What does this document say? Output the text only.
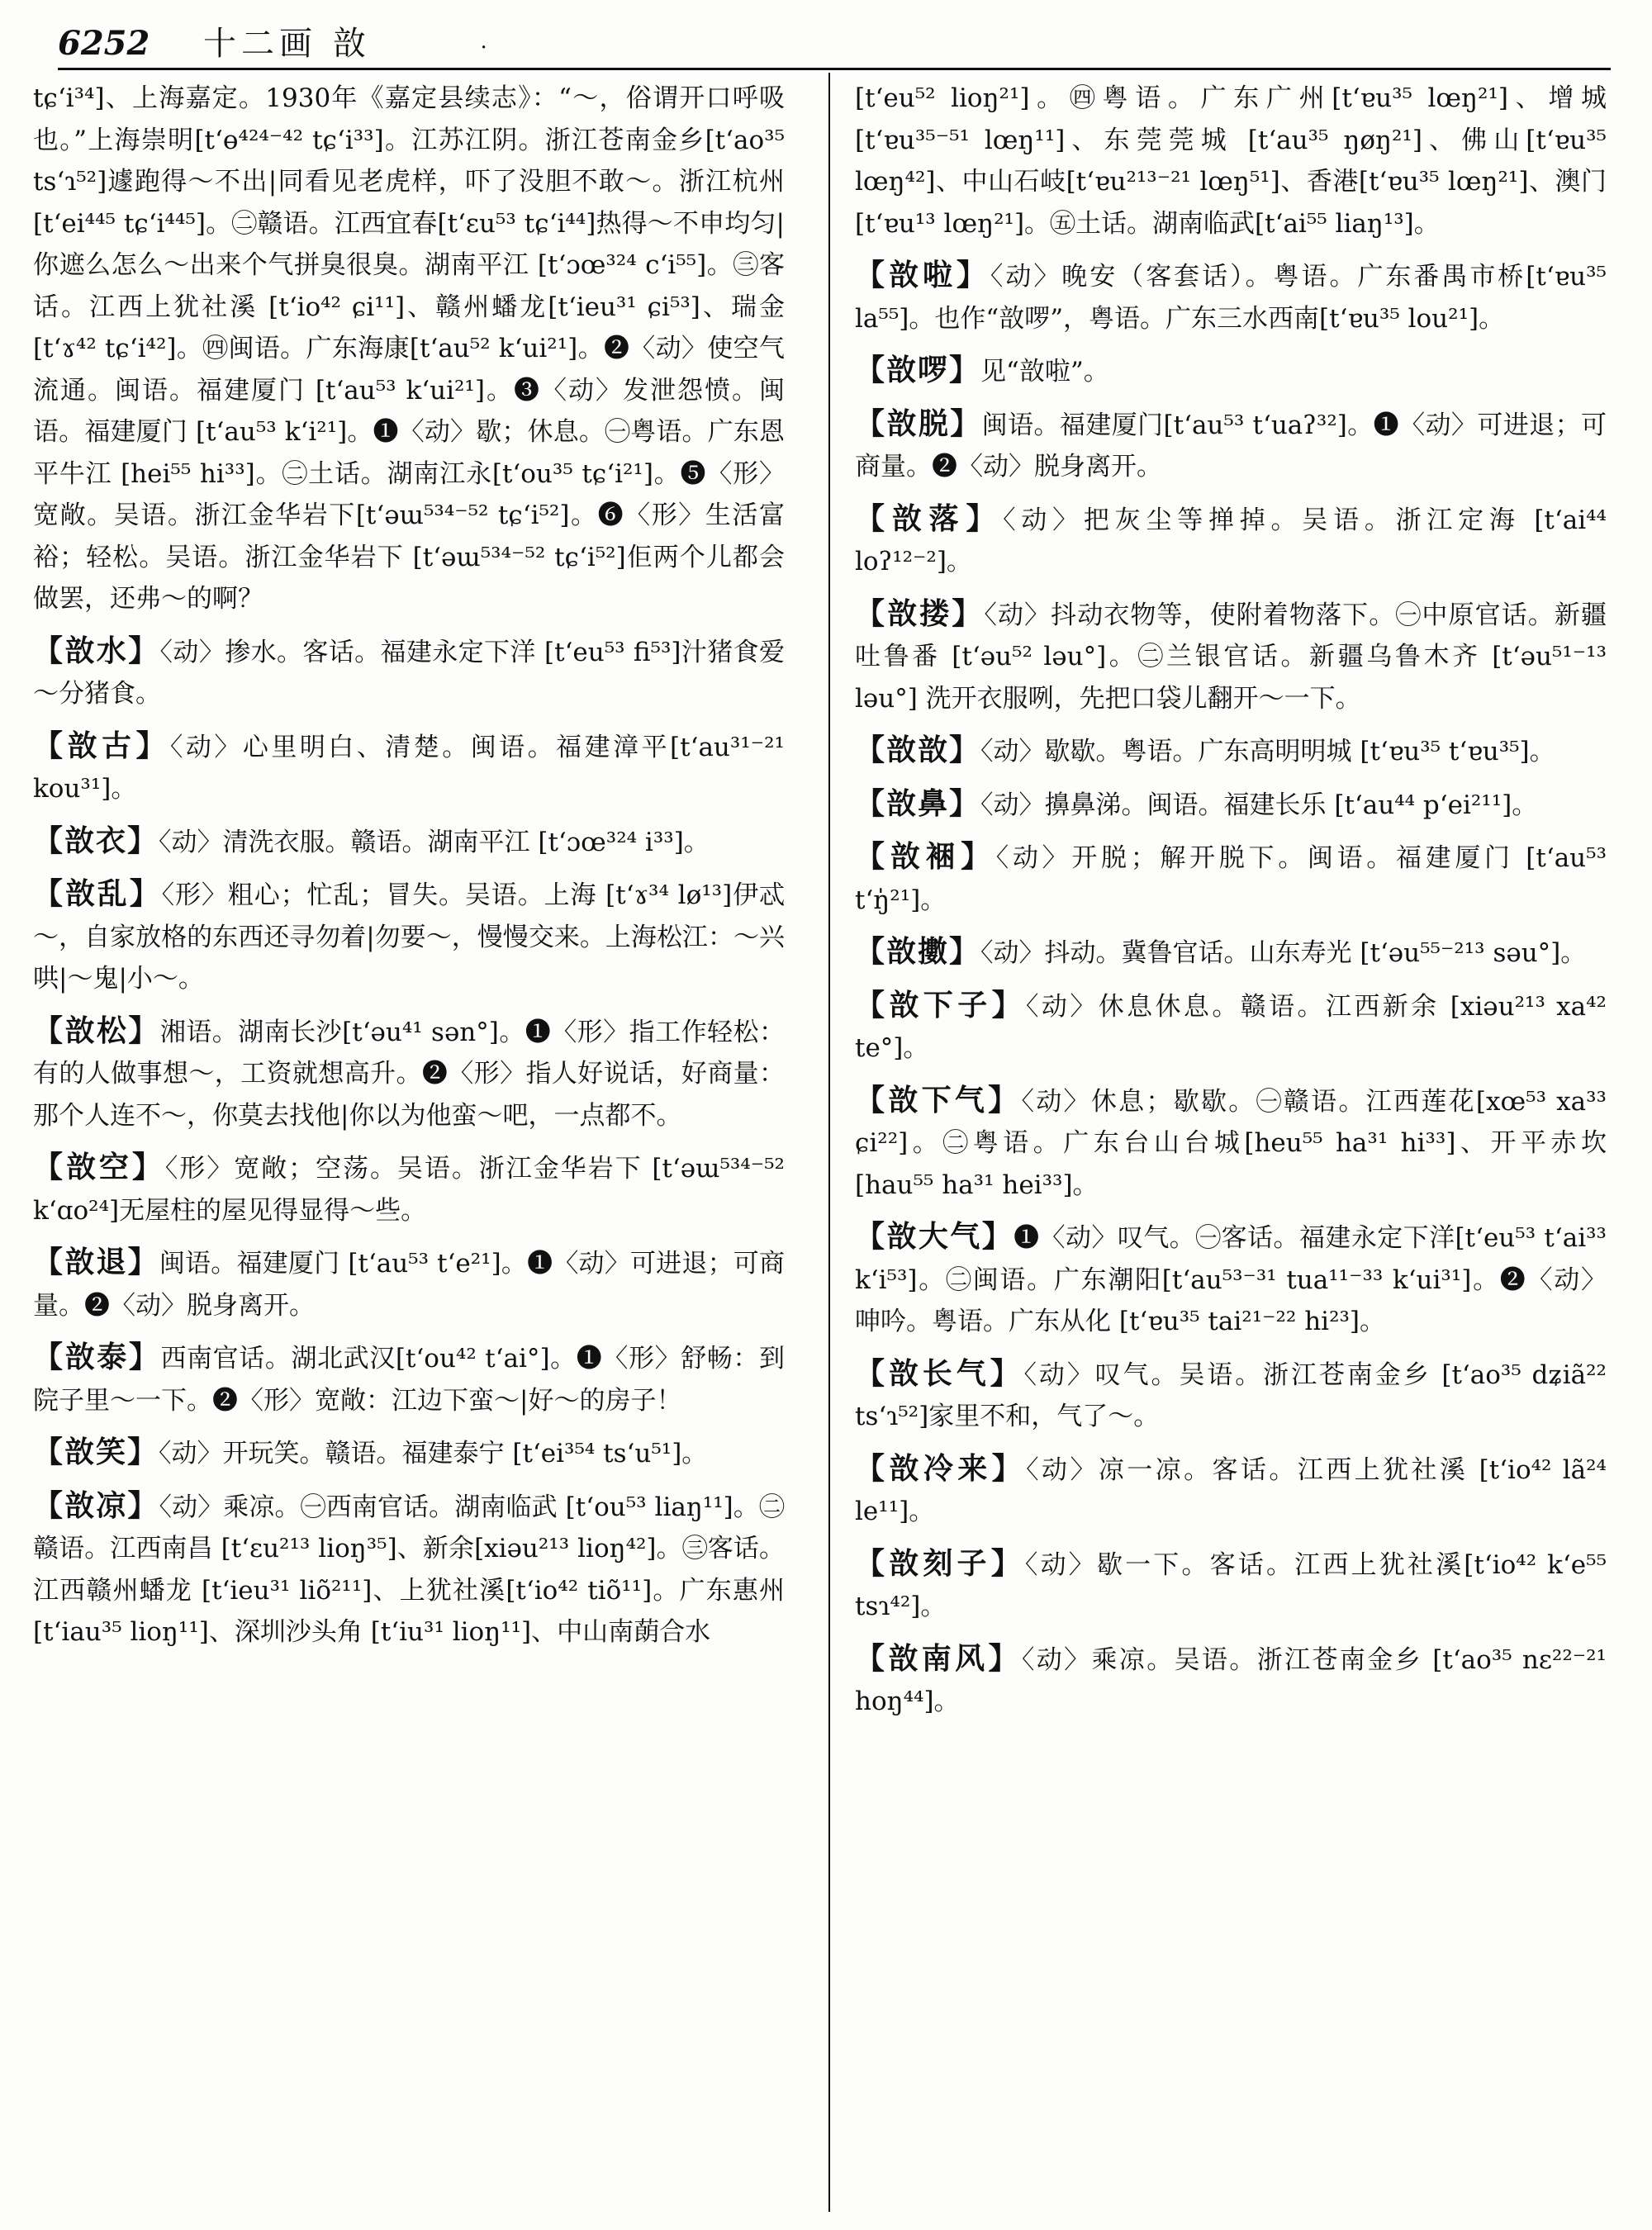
6252 十二画 敨	·
tɕʻi³⁴]、上海嘉定。1930年《嘉定县续志》：“～，俗谓开口呼吸也。”上海崇明[tʻɵ⁴²⁴⁻⁴² tɕʻi³³]。江苏江阴。浙江苍南金乡[tʻao³⁵ tsʻɿ⁵²]遽跑得～不出|同看见老虎样，吓了没胆不敢～。浙江杭州[tʻei⁴⁴⁵ tɕʻi⁴⁴⁵]。㊁赣语。江西宜春[tʻɛu⁵³ tɕʻi⁴⁴]热得～不申均匀|你遮么怎么～出来个气拼臭很臭。湖南平江 [tʻɔœ³²⁴ cʻi⁵⁵]。㊂客话。江西上犹社溪 [tʻio⁴² ɕi¹¹]、赣州蟠龙[tʻieu³¹ ɕi⁵³]、瑞金[tʻɤ⁴² tɕʻi⁴²]。㊃闽语。广东海康[tʻau⁵² kʻui²¹]。❷〈动〉使空气流通。闽语。福建厦门 [tʻau⁵³ kʻui²¹]。❸〈动〉发泄怨愤。闽语。福建厦门 [tʻau⁵³ kʻi²¹]。❶〈动〉歇；休息。㊀粤语。广东恩平牛江 [hei⁵⁵ hi³³]。㊁土话。湖南江永[tʻou³⁵ tɕʻi²¹]。❺〈形〉宽敞。吴语。浙江金华岩下[tʻəɯ⁵³⁴⁻⁵² tɕʻi⁵²]。❻〈形〉生活富裕；轻松。吴语。浙江金华岩下 [tʻəɯ⁵³⁴⁻⁵² tɕʻi⁵²]佢两个儿都会做罢，还弗～的啊？
【敨水】〈动〉掺水。客话。福建永定下洋 [tʻeu⁵³ fi⁵³]汁猪食爱～分猪食。
【敨古】〈动〉心里明白、清楚。闽语。福建漳平[tʻau³¹⁻²¹ kou³¹]。
【敨衣】〈动〉清洗衣服。赣语。湖南平江 [tʻɔœ³²⁴ i³³]。
【敨乱】〈形〉粗心；忙乱；冒失。吴语。上海 [tʻɤ³⁴ lø¹³]伊忒～，自家放格的东西还寻勿着|勿要～，慢慢交来。上海松江：～兴哄|～鬼|小～。
【敨松】湘语。湖南长沙[tʻəu⁴¹ sən°]。❶〈形〉指工作轻松：有的人做事想～，工资就想高升。❷〈形〉指人好说话，好商量：那个人连不～，你莫去找他|你以为他蛮～吧，一点都不。
【敨空】〈形〉宽敞；空荡。吴语。浙江金华岩下 [tʻəɯ⁵³⁴⁻⁵² kʻɑo²⁴]无屋柱的屋见得显得～些。
【敨退】闽语。福建厦门 [tʻau⁵³ tʻe²¹]。❶〈动〉可进退；可商量。❷〈动〉脱身离开。
【敨泰】西南官话。湖北武汉[tʻou⁴² tʻai°]。❶〈形〉舒畅：到院子里～一下。❷〈形〉宽敞：江边下蛮～|好～的房子！
【敨笑】〈动〉开玩笑。赣语。福建泰宁 [tʻei³⁵⁴ tsʻu⁵¹]。
【敨凉】〈动〉乘凉。㊀西南官话。湖南临武 [tʻou⁵³ liaŋ¹¹]。㊁赣语。江西南昌 [tʻɛu²¹³ lioŋ³⁵]、新余[xiəu²¹³ lioŋ⁴²]。㊂客话。江西赣州蟠龙 [tʻieu³¹ liõ²¹¹]、上犹社溪[tʻio⁴² tiõ¹¹]。广东惠州 [tʻiau³⁵ lioŋ¹¹]、深圳沙头角 [tʻiu³¹ lioŋ¹¹]、中山南蓢合水
[tʻeu⁵² lioŋ²¹]。㊃粤语。广东广州[tʻɐu³⁵ lœŋ²¹]、增城[tʻɐu³⁵⁻⁵¹ lœŋ¹¹]、东莞莞城 [tʻau³⁵ ŋøŋ²¹]、佛山[tʻɐu³⁵ lœŋ⁴²]、中山石岐[tʻɐu²¹³⁻²¹ lœŋ⁵¹]、香港[tʻɐu³⁵ lœŋ²¹]、澳门 [tʻɐu¹³ lœŋ²¹]。㊄土话。湖南临武[tʻai⁵⁵ liaŋ¹³]。
【敨啦】〈动〉晚安（客套话）。粤语。广东番禺市桥[tʻɐu³⁵ la⁵⁵]。也作“敨啰”，粤语。广东三水西南[tʻɐu³⁵ lou²¹]。
【敨啰】见“敨啦”。
【敨脱】闽语。福建厦门[tʻau⁵³ tʻuaʔ³²]。❶〈动〉可进退；可商量。❷〈动〉脱身离开。
【敨落】〈动〉把灰尘等掸掉。吴语。浙江定海 [tʻai⁴⁴ loʔ¹²⁻²]。
【敨搂】〈动〉抖动衣物等，使附着物落下。㊀中原官话。新疆吐鲁番 [tʻəu⁵² ləu°]。㊁兰银官话。新疆乌鲁木齐 [tʻəu⁵¹⁻¹³ ləu°] 洗开衣服咧，先把口袋儿翻开～一下。
【敨敨】〈动〉歇歇。粤语。广东高明明城 [tʻɐu³⁵ tʻɐu³⁵]。
【敨鼻】〈动〉擤鼻涕。闽语。福建长乐 [tʻau⁴⁴ pʻei²¹¹]。
【敨裍】〈动〉开脱；解开脱下。闽语。福建厦门 [tʻau⁵³ tʻŋ̍²¹]。
【敨擻】〈动〉抖动。冀鲁官话。山东寿光 [tʻəu⁵⁵⁻²¹³ səu°]。
【敨下子】〈动〉休息休息。赣语。江西新余 [xiəu²¹³ xa⁴² te°]。
【敨下气】〈动〉休息；歇歇。㊀赣语。江西莲花[xœ⁵³ xa³³ ɕi²²]。㊁粤语。广东台山台城[heu⁵⁵ ha³¹ hi³³]、开平赤坎 [hau⁵⁵ ha³¹ hei³³]。
【敨大气】❶〈动〉叹气。㊀客话。福建永定下洋[tʻeu⁵³ tʻai³³ kʻi⁵³]。㊁闽语。广东潮阳[tʻau⁵³⁻³¹ tua¹¹⁻³³ kʻui³¹]。❷〈动〉呻吟。粤语。广东从化 [tʻɐu³⁵ tai²¹⁻²² hi²³]。
【敨长气】〈动〉叹气。吴语。浙江苍南金乡 [tʻao³⁵ dʑiã²² tsʻɿ⁵²]家里不和，气了～。
【敨冷来】〈动〉凉一凉。客话。江西上犹社溪 [tʻio⁴² lã²⁴ le¹¹]。
【敨刻子】〈动〉歇一下。客话。江西上犹社溪[tʻio⁴² kʻe⁵⁵ tsɿ⁴²]。
【敨南风】〈动〉乘凉。吴语。浙江苍南金乡 [tʻao³⁵ nɛ²²⁻²¹ hoŋ⁴⁴]。
